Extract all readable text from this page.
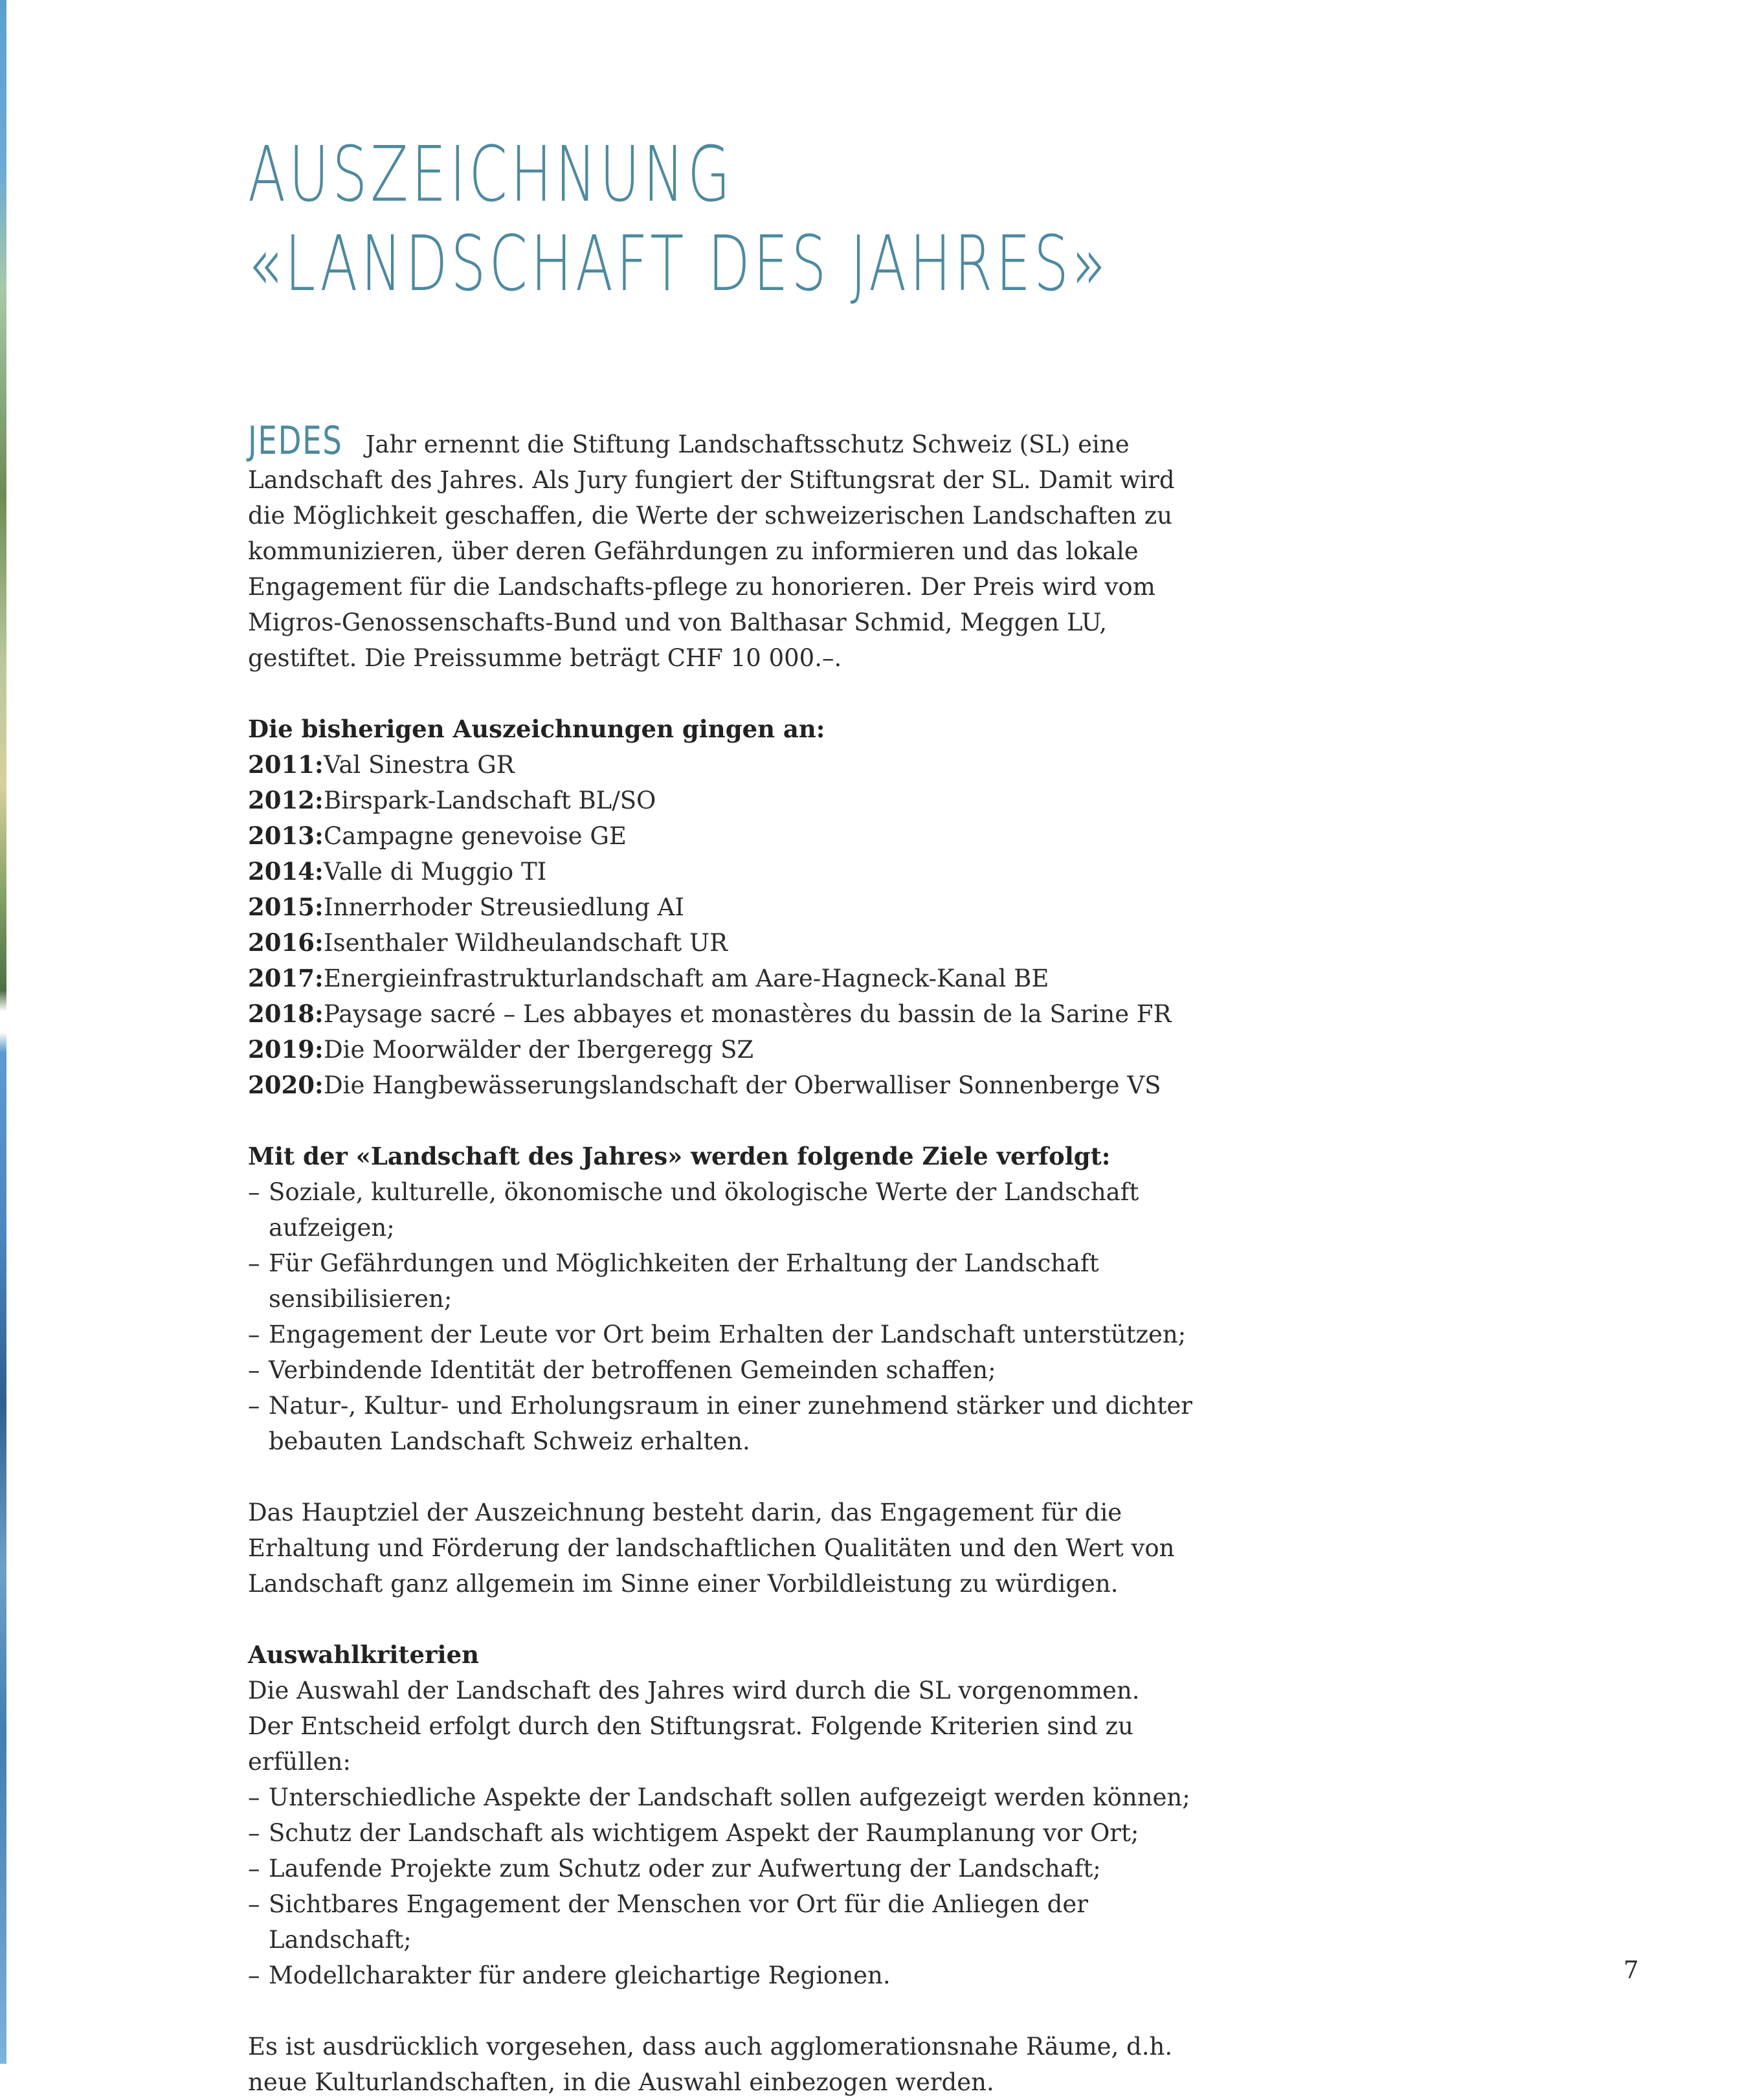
AUSZEICHNUNG
«LANDSCHAFT DES JAHRES»
JEDES Jahr ernennt die Stiftung Landschaftsschutz Schweiz (SL) eine Landschaft des Jahres. Als Jury fungiert der Stiftungsrat der SL. Damit wird die Möglichkeit geschaffen, die Werte der schweizerischen Landschaften zu kommunizieren, über deren Gefährdungen zu informieren und das lokale Engagement für die Landschafts-pflege zu honorieren. Der Preis wird vom Migros-Genossenschafts-Bund und von Balthasar Schmid, Meggen LU, gestiftet. Die Preissumme beträgt CHF 10 000.–.
Die bisherigen Auszeichnungen gingen an:
2011: Val Sinestra GR
2012: Birspark-Landschaft BL/SO
2013: Campagne genevoise GE
2014: Valle di Muggio TI
2015: Innerrhoder Streusiedlung AI
2016: Isenthaler Wildheulandschaft UR
2017: Energieinfrastrukturlandschaft am Aare-Hagneck-Kanal BE
2018: Paysage sacré – Les abbayes et monastères du bassin de la Sarine FR
2019: Die Moorwälder der Ibergeregg SZ
2020: Die Hangbewässerungslandschaft der Oberwalliser Sonnenberge VS
Mit der «Landschaft des Jahres» werden folgende Ziele verfolgt:
– Soziale, kulturelle, ökonomische und ökologische Werte der Landschaft aufzeigen;
– Für Gefährdungen und Möglichkeiten der Erhaltung der Landschaft sensibilisieren;
– Engagement der Leute vor Ort beim Erhalten der Landschaft unterstützen;
– Verbindende Identität der betroffenen Gemeinden schaffen;
– Natur-, Kultur- und Erholungsraum in einer zunehmend stärker und dichter bebauten Landschaft Schweiz erhalten.
Das Hauptziel der Auszeichnung besteht darin, das Engagement für die Erhaltung und Förderung der landschaftlichen Qualitäten und den Wert von Landschaft ganz allgemein im Sinne einer Vorbildleistung zu würdigen.
Auswahlkriterien
Die Auswahl der Landschaft des Jahres wird durch die SL vorgenommen.
Der Entscheid erfolgt durch den Stiftungsrat. Folgende Kriterien sind zu erfüllen:
– Unterschiedliche Aspekte der Landschaft sollen aufgezeigt werden können;
– Schutz der Landschaft als wichtigem Aspekt der Raumplanung vor Ort;
– Laufende Projekte zum Schutz oder zur Aufwertung der Landschaft;
– Sichtbares Engagement der Menschen vor Ort für die Anliegen der Landschaft;
– Modellcharakter für andere gleichartige Regionen.
Es ist ausdrücklich vorgesehen, dass auch agglomerationsnahe Räume, d.h. neue Kulturlandschaften, in die Auswahl einbezogen werden.
7
